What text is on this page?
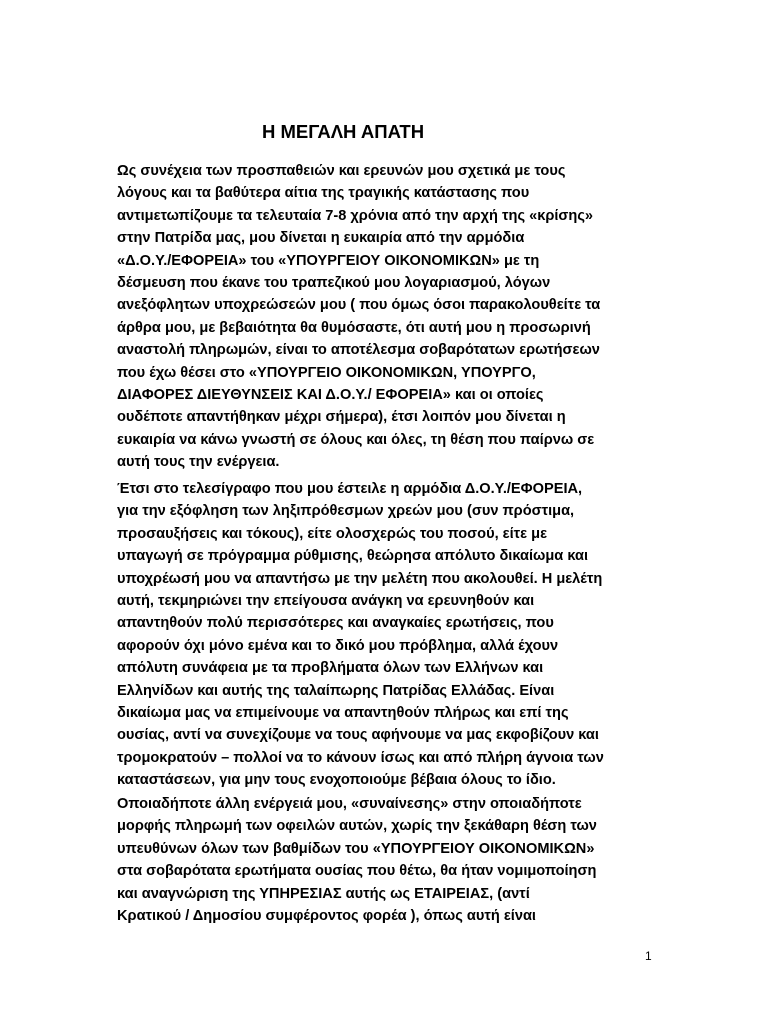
Η ΜΕΓΑΛΗ ΑΠΑΤΗ
Ως συνέχεια των προσπαθειών και ερευνών μου σχετικά με τους
λόγους και τα βαθύτερα αίτια της τραγικής κατάστασης που
αντιμετωπίζουμε τα τελευταία 7-8 χρόνια από την αρχή της «κρίσης»
στην Πατρίδα μας, μου δίνεται η ευκαιρία από την αρμόδια
«Δ.Ο.Υ./ΕΦΟΡΕΙΑ» του «ΥΠΟΥΡΓΕΙΟΥ ΟΙΚΟΝΟΜΙΚΩΝ» με τη
δέσμευση που έκανε του τραπεζικού μου λογαριασμού, λόγων
ανεξόφλητων υποχρεώσεών μου ( που όμως όσοι παρακολουθείτε τα
άρθρα μου, με βεβαιότητα θα θυμόσαστε, ότι αυτή μου η προσωρινή
αναστολή πληρωμών, είναι το αποτέλεσμα σοβαρότατων ερωτήσεων
που έχω θέσει στο «ΥΠΟΥΡΓΕΙΟ ΟΙΚΟΝΟΜΙΚΩΝ, ΥΠΟΥΡΓΟ,
ΔΙΑΦΟΡΕΣ ΔΙΕΥΘΥΝΣΕΙΣ ΚΑΙ Δ.Ο.Υ./ ΕΦΟΡΕΙΑ» και οι οποίες
ουδέποτε απαντήθηκαν μέχρι σήμερα), έτσι λοιπόν μου δίνεται η
ευκαιρία να κάνω γνωστή σε όλους και όλες, τη θέση που παίρνω σε
αυτή τους την ενέργεια.
Έτσι στο τελεσίγραφο που μου έστειλε η αρμόδια Δ.Ο.Υ./ΕΦΟΡΕΙΑ,
για την εξόφληση των ληξιπρόθεσμων χρεών μου (συν πρόστιμα,
προσαυξήσεις και τόκους), είτε ολοσχερώς του ποσού, είτε με
υπαγωγή σε πρόγραμμα ρύθμισης, θεώρησα απόλυτο δικαίωμα και
υποχρέωσή μου να απαντήσω με την μελέτη που ακολουθεί. Η μελέτη
αυτή, τεκμηριώνει την επείγουσα ανάγκη να ερευνηθούν και
απαντηθούν πολύ περισσότερες και αναγκαίες ερωτήσεις, που
αφορούν όχι μόνο εμένα και το δικό μου πρόβλημα, αλλά έχουν
απόλυτη συνάφεια με τα προβλήματα όλων των Ελλήνων και
Ελληνίδων και αυτής της ταλαίπωρης Πατρίδας Ελλάδας. Είναι
δικαίωμα μας να επιμείνουμε να απαντηθούν πλήρως και επί της
ουσίας, αντί να συνεχίζουμε να τους αφήνουμε να μας εκφοβίζουν και
τρομοκρατούν – πολλοί να το κάνουν ίσως και από πλήρη άγνοια των
καταστάσεων, για μην τους ενοχοποιούμε βέβαια όλους το ίδιο.
Οποιαδήποτε άλλη ενέργειά μου, «συναίνεσης» στην οποιαδήποτε
μορφής πληρωμή των οφειλών αυτών, χωρίς την ξεκάθαρη θέση των
υπευθύνων όλων των βαθμίδων του «ΥΠΟΥΡΓΕΙΟΥ ΟΙΚΟΝΟΜΙΚΩΝ»
στα σοβαρότατα ερωτήματα ουσίας που θέτω, θα ήταν νομιμοποίηση
και αναγνώριση της ΥΠΗΡΕΣΙΑΣ αυτής ως ΕΤΑΙΡΕΙΑΣ, (αντί
Κρατικού / Δημοσίου συμφέροντος φορέα ), όπως αυτή είναι
1
